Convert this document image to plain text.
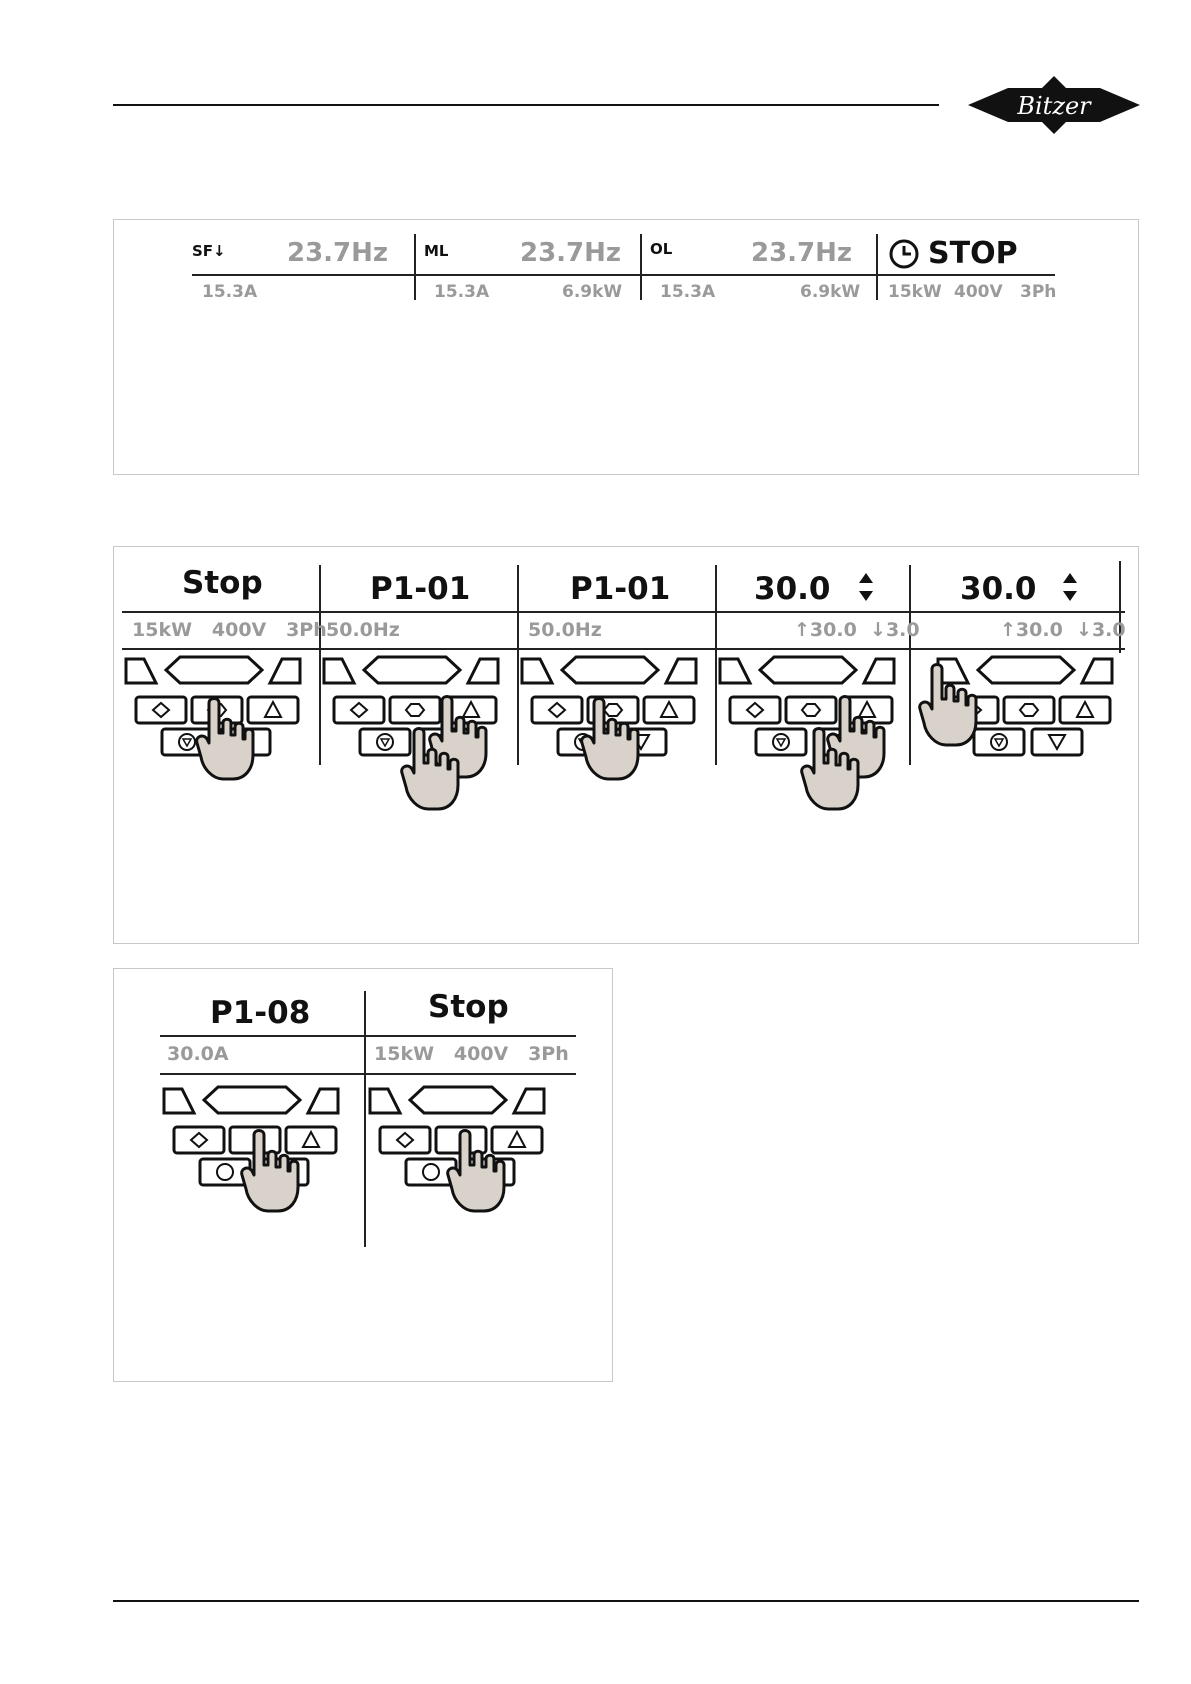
Bitzer
SF↓ 23.7Hz
15.3A
ML	23.7Hz
15.3A	6.9kW
OL	23.7Hz
15.3A	6.9kW
STOP
15kW 400V 3Ph
Stop
15kW   400V   3Ph
P1-01
50.0Hz
P1-01
50.0Hz
30.0
↑30.0  ↓3.0
30.0
↑30.0  ↓3.0
P1-08
30.0A
Stop
15kW   400V   3Ph
